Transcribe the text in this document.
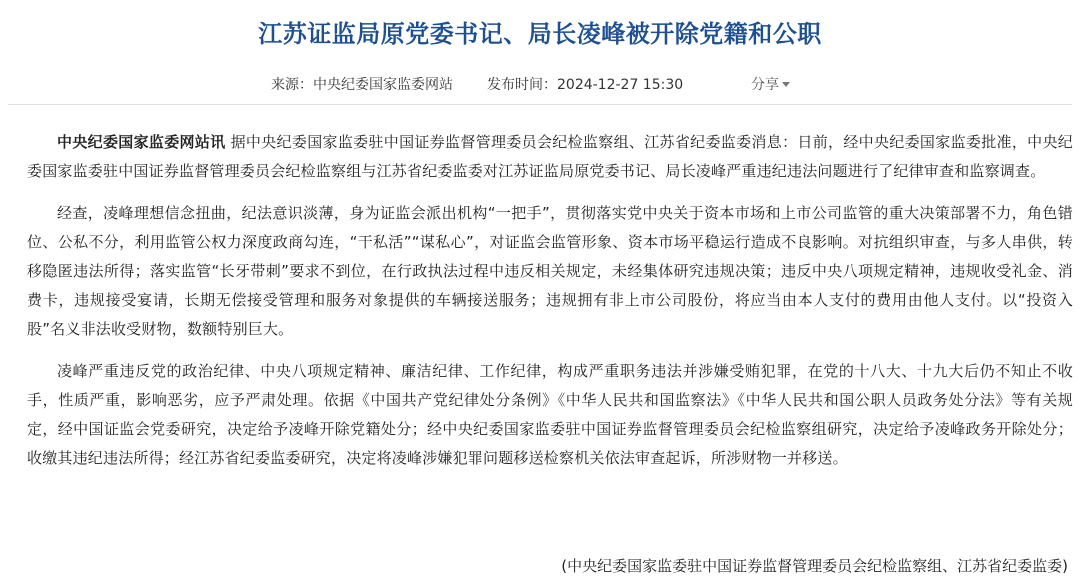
江苏证监局原党委书记、局长凌峰被开除党籍和公职
来源：中央纪委国家监委网站 发布时间：2024-12-27 15:30	分享

中央纪委国家监委网站讯 据中央纪委国家监委驻中国证券监督管理委员会纪检监察组、江苏省纪委监委消息：日前，经中央纪委国家监委批准，中央纪委国家监委驻中国证券监督管理委员会纪检监察组与江苏省纪委监委对江苏证监局原党委书记、局长凌峰严重违纪违法问题进行了纪律审查和监察调查。

经查，凌峰理想信念扭曲，纪法意识淡薄，身为证监会派出机构“一把手”，贯彻落实党中央关于资本市场和上市公司监管的重大决策部署不力，角色错位、公私不分，利用监管公权力深度政商勾连，“干私活”“谋私心”，对证监会监管形象、资本市场平稳运行造成不良影响。对抗组织审查，与多人串供，转移隐匿违法所得；落实监管“长牙带刺”要求不到位，在行政执法过程中违反相关规定，未经集体研究违规决策；违反中央八项规定精神，违规收受礼金、消费卡，违规接受宴请，长期无偿接受管理和服务对象提供的车辆接送服务；违规拥有非上市公司股份，将应当由本人支付的费用由他人支付。以“投资入股”名义非法收受财物，数额特别巨大。

凌峰严重违反党的政治纪律、中央八项规定精神、廉洁纪律、工作纪律，构成严重职务违法并涉嫌受贿犯罪，在党的十八大、十九大后仍不知止不收手，性质严重，影响恶劣，应予严肃处理。依据《中国共产党纪律处分条例》《中华人民共和国监察法》《中华人民共和国公职人员政务处分法》等有关规定，经中国证监会党委研究，决定给予凌峰开除党籍处分；经中央纪委国家监委驻中国证券监督管理委员会纪检监察组研究，决定给予凌峰政务开除处分；收缴其违纪违法所得；经江苏省纪委监委研究，决定将凌峰涉嫌犯罪问题移送检察机关依法审查起诉，所涉财物一并移送。

(中央纪委国家监委驻中国证券监督管理委员会纪检监察组、江苏省纪委监委)
